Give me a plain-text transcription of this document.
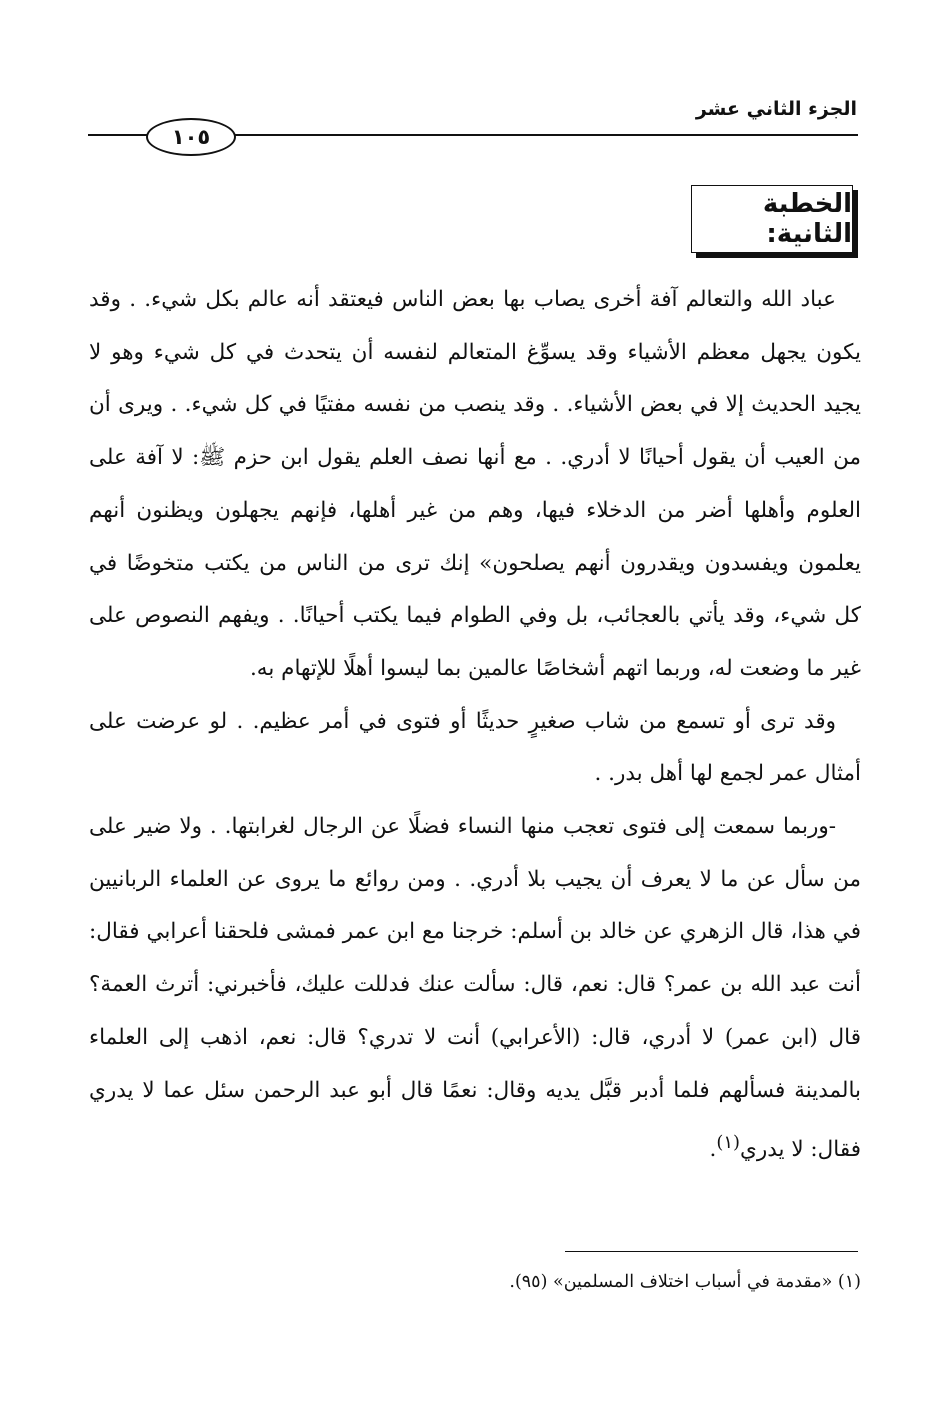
الجزء الثاني عشر
١٠٥
الخطبة الثانية:

عباد الله والتعالم آفة أخرى يصاب بها بعض الناس فيعتقد أنه عالم بكل شيء. . وقد يكون يجهل معظم الأشياء وقد يسوِّغ المتعالم لنفسه أن يتحدث في كل شيء وهو لا يجيد الحديث إلا في بعض الأشياء. . وقد ينصب من نفسه مفتيًا في كل شيء. . ويرى أن من العيب أن يقول أحيانًا لا أدري. . مع أنها نصف العلم يقول ابن حزم ﷺ: لا آفة على العلوم وأهلها أضر من الدخلاء فيها، وهم من غير أهلها، فإنهم يجهلون ويظنون أنهم يعلمون ويفسدون ويقدرون أنهم يصلحون» إنك ترى من الناس من يكتب متخوضًا في كل شيء، وقد يأتي بالعجائب، بل وفي الطوام فيما يكتب أحيانًا. . ويفهم النصوص على غير ما وضعت له، وربما اتهم أشخاصًا عالمين بما ليسوا أهلًا للإتهام به.

وقد ترى أو تسمع من شاب صغيرٍ حديثًا أو فتوى في أمر عظيم. . لو عرضت على أمثال عمر لجمع لها أهل بدر. .

-وربما سمعت إلى فتوى تعجب منها النساء فضلًا عن الرجال لغرابتها. . ولا ضير على من سأل عن ما لا يعرف أن يجيب بلا أدري. . ومن روائع ما يروى عن العلماء الربانيين في هذا، قال الزهري عن خالد بن أسلم: خرجنا مع ابن عمر فمشى فلحقنا أعرابي فقال: أنت عبد الله بن عمر؟ قال: نعم، قال: سألت عنك فدللت عليك، فأخبرني: أترث العمة؟ قال (ابن عمر) لا أدري، قال: (الأعرابي) أنت لا تدري؟ قال: نعم، اذهب إلى العلماء بالمدينة فسألهم فلما أدبر قبَّل يديه وقال: نعمًا قال أبو عبد الرحمن سئل عما لا يدري فقال: لا يدري$^{(١)}$.

(١) «مقدمة في أسباب اختلاف المسلمين» (٩٥).
